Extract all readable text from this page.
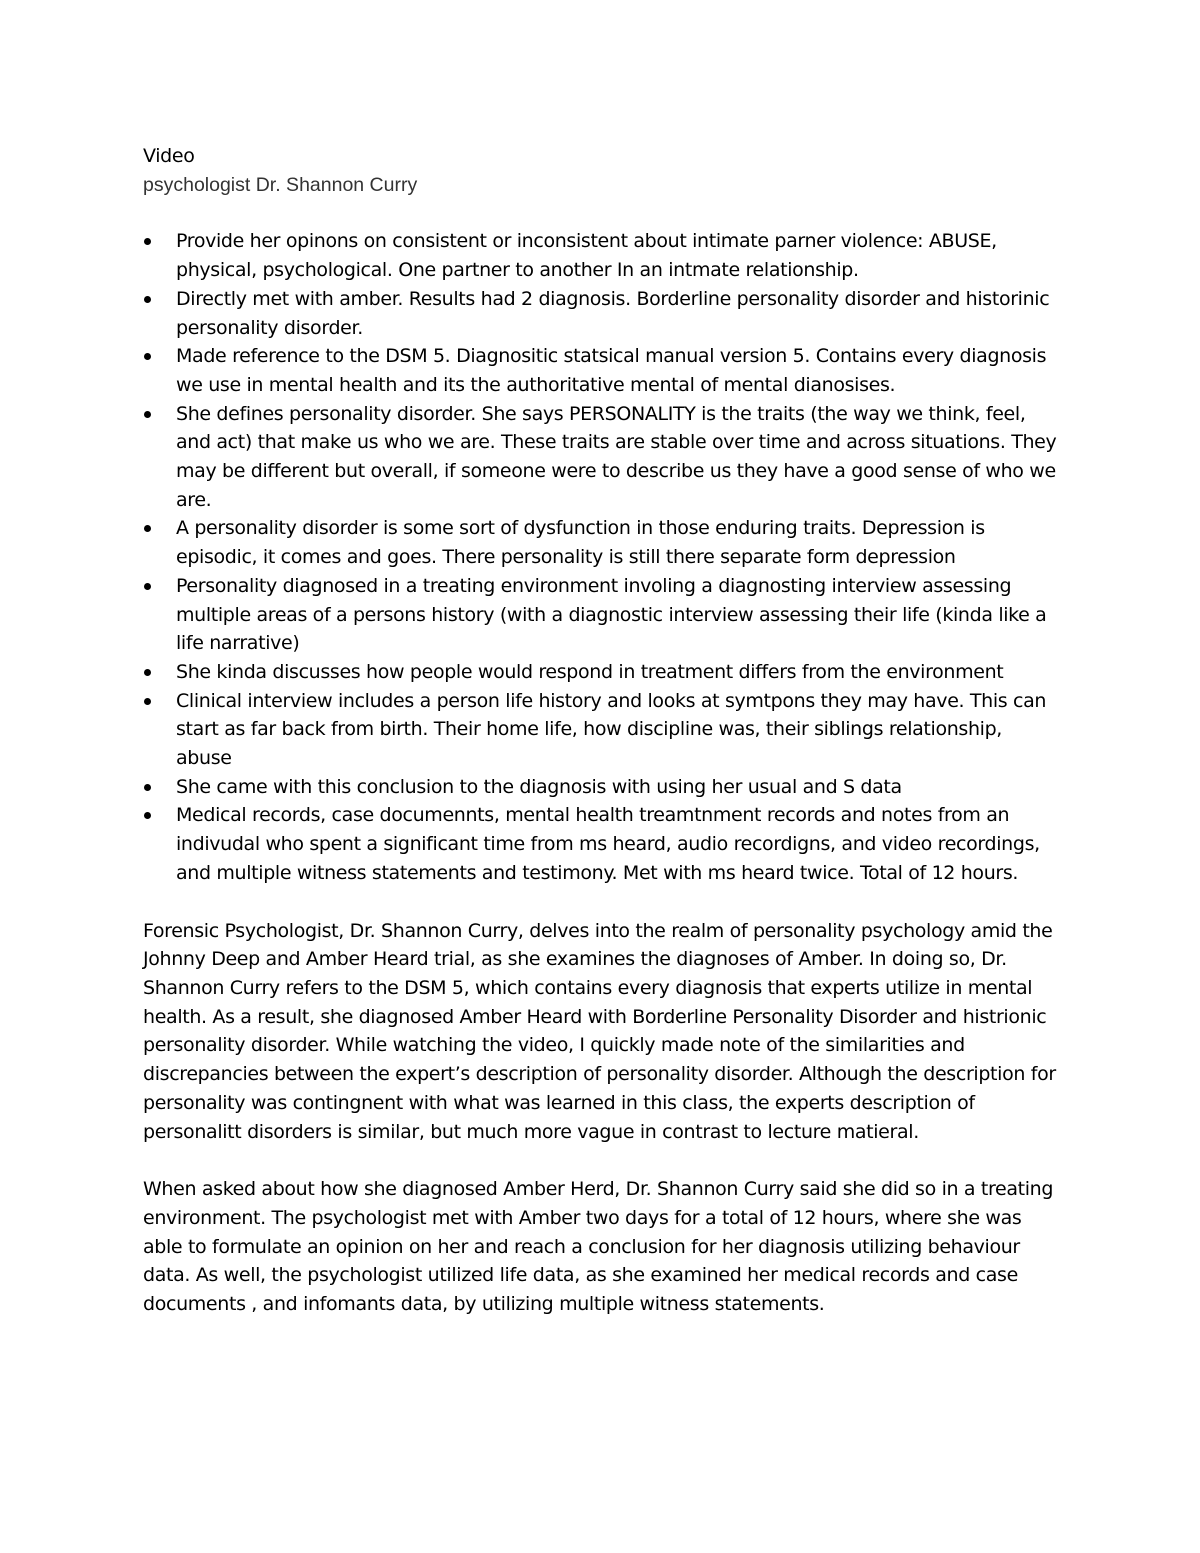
Video

psychologist Dr. Shannon Curry

Provide her opinons on consistent or inconsistent about intimate parner violence: ABUSE, physical, psychological. One partner to another In an intmate relationship.
Directly met with amber. Results had 2 diagnosis. Borderline personality disorder and historinic personality disorder.
Made reference to the DSM 5. Diagnositic statsical manual version 5. Contains every diagnosis we use in mental health and its the authoritative mental of mental dianosises.
She defines personality disorder. She says PERSONALITY is the traits (the way we think, feel, and act) that make us who we are. These traits are stable over time and across situations. They may be different but overall, if someone were to describe us they have a good sense of who we are.
A personality disorder is some sort of dysfunction in those enduring traits. Depression is episodic, it comes and goes. There personality is still there separate form depression
Personality diagnosed in a treating environment involing a diagnosting interview assessing multiple areas of a persons history (with a diagnostic interview assessing their life (kinda like a life narrative)
She kinda discusses how people would respond in treatment differs from the environment
Clinical interview includes a person life history and looks at symtpons they may have. This can start as far back from birth. Their home life, how discipline was, their siblings relationship, abuse
She came with this conclusion to the diagnosis with using her usual and S data
Medical records, case documennts, mental health treamtnment records and notes from an indivudal who spent a significant time from ms heard, audio recordigns, and video recordings, and multiple witness statements and testimony. Met with ms heard twice. Total of 12 hours.

Forensic Psychologist, Dr. Shannon Curry, delves into the realm of personality psychology amid the Johnny Deep and Amber Heard trial, as she examines the diagnoses of Amber. In doing so, Dr. Shannon Curry refers to the DSM 5, which contains every diagnosis that experts utilize in mental health. As a result, she diagnosed Amber Heard with Borderline Personality Disorder and histrionic personality disorder. While watching the video, I quickly made note of the similarities and discrepancies between the expert’s description of personality disorder. Although the description for personality was contingnent with what was learned in this class, the experts description of personalitt disorders is similar, but much more vague in contrast to lecture matieral.

When asked about how she diagnosed Amber Herd, Dr. Shannon Curry said she did so in a treating environment. The psychologist met with Amber two days for a total of 12 hours, where she was able to formulate an opinion on her and reach a conclusion for her diagnosis utilizing behaviour data. As well, the psychologist utilized life data, as she examined her medical records and case documents , and infomants data, by utilizing multiple witness statements.
